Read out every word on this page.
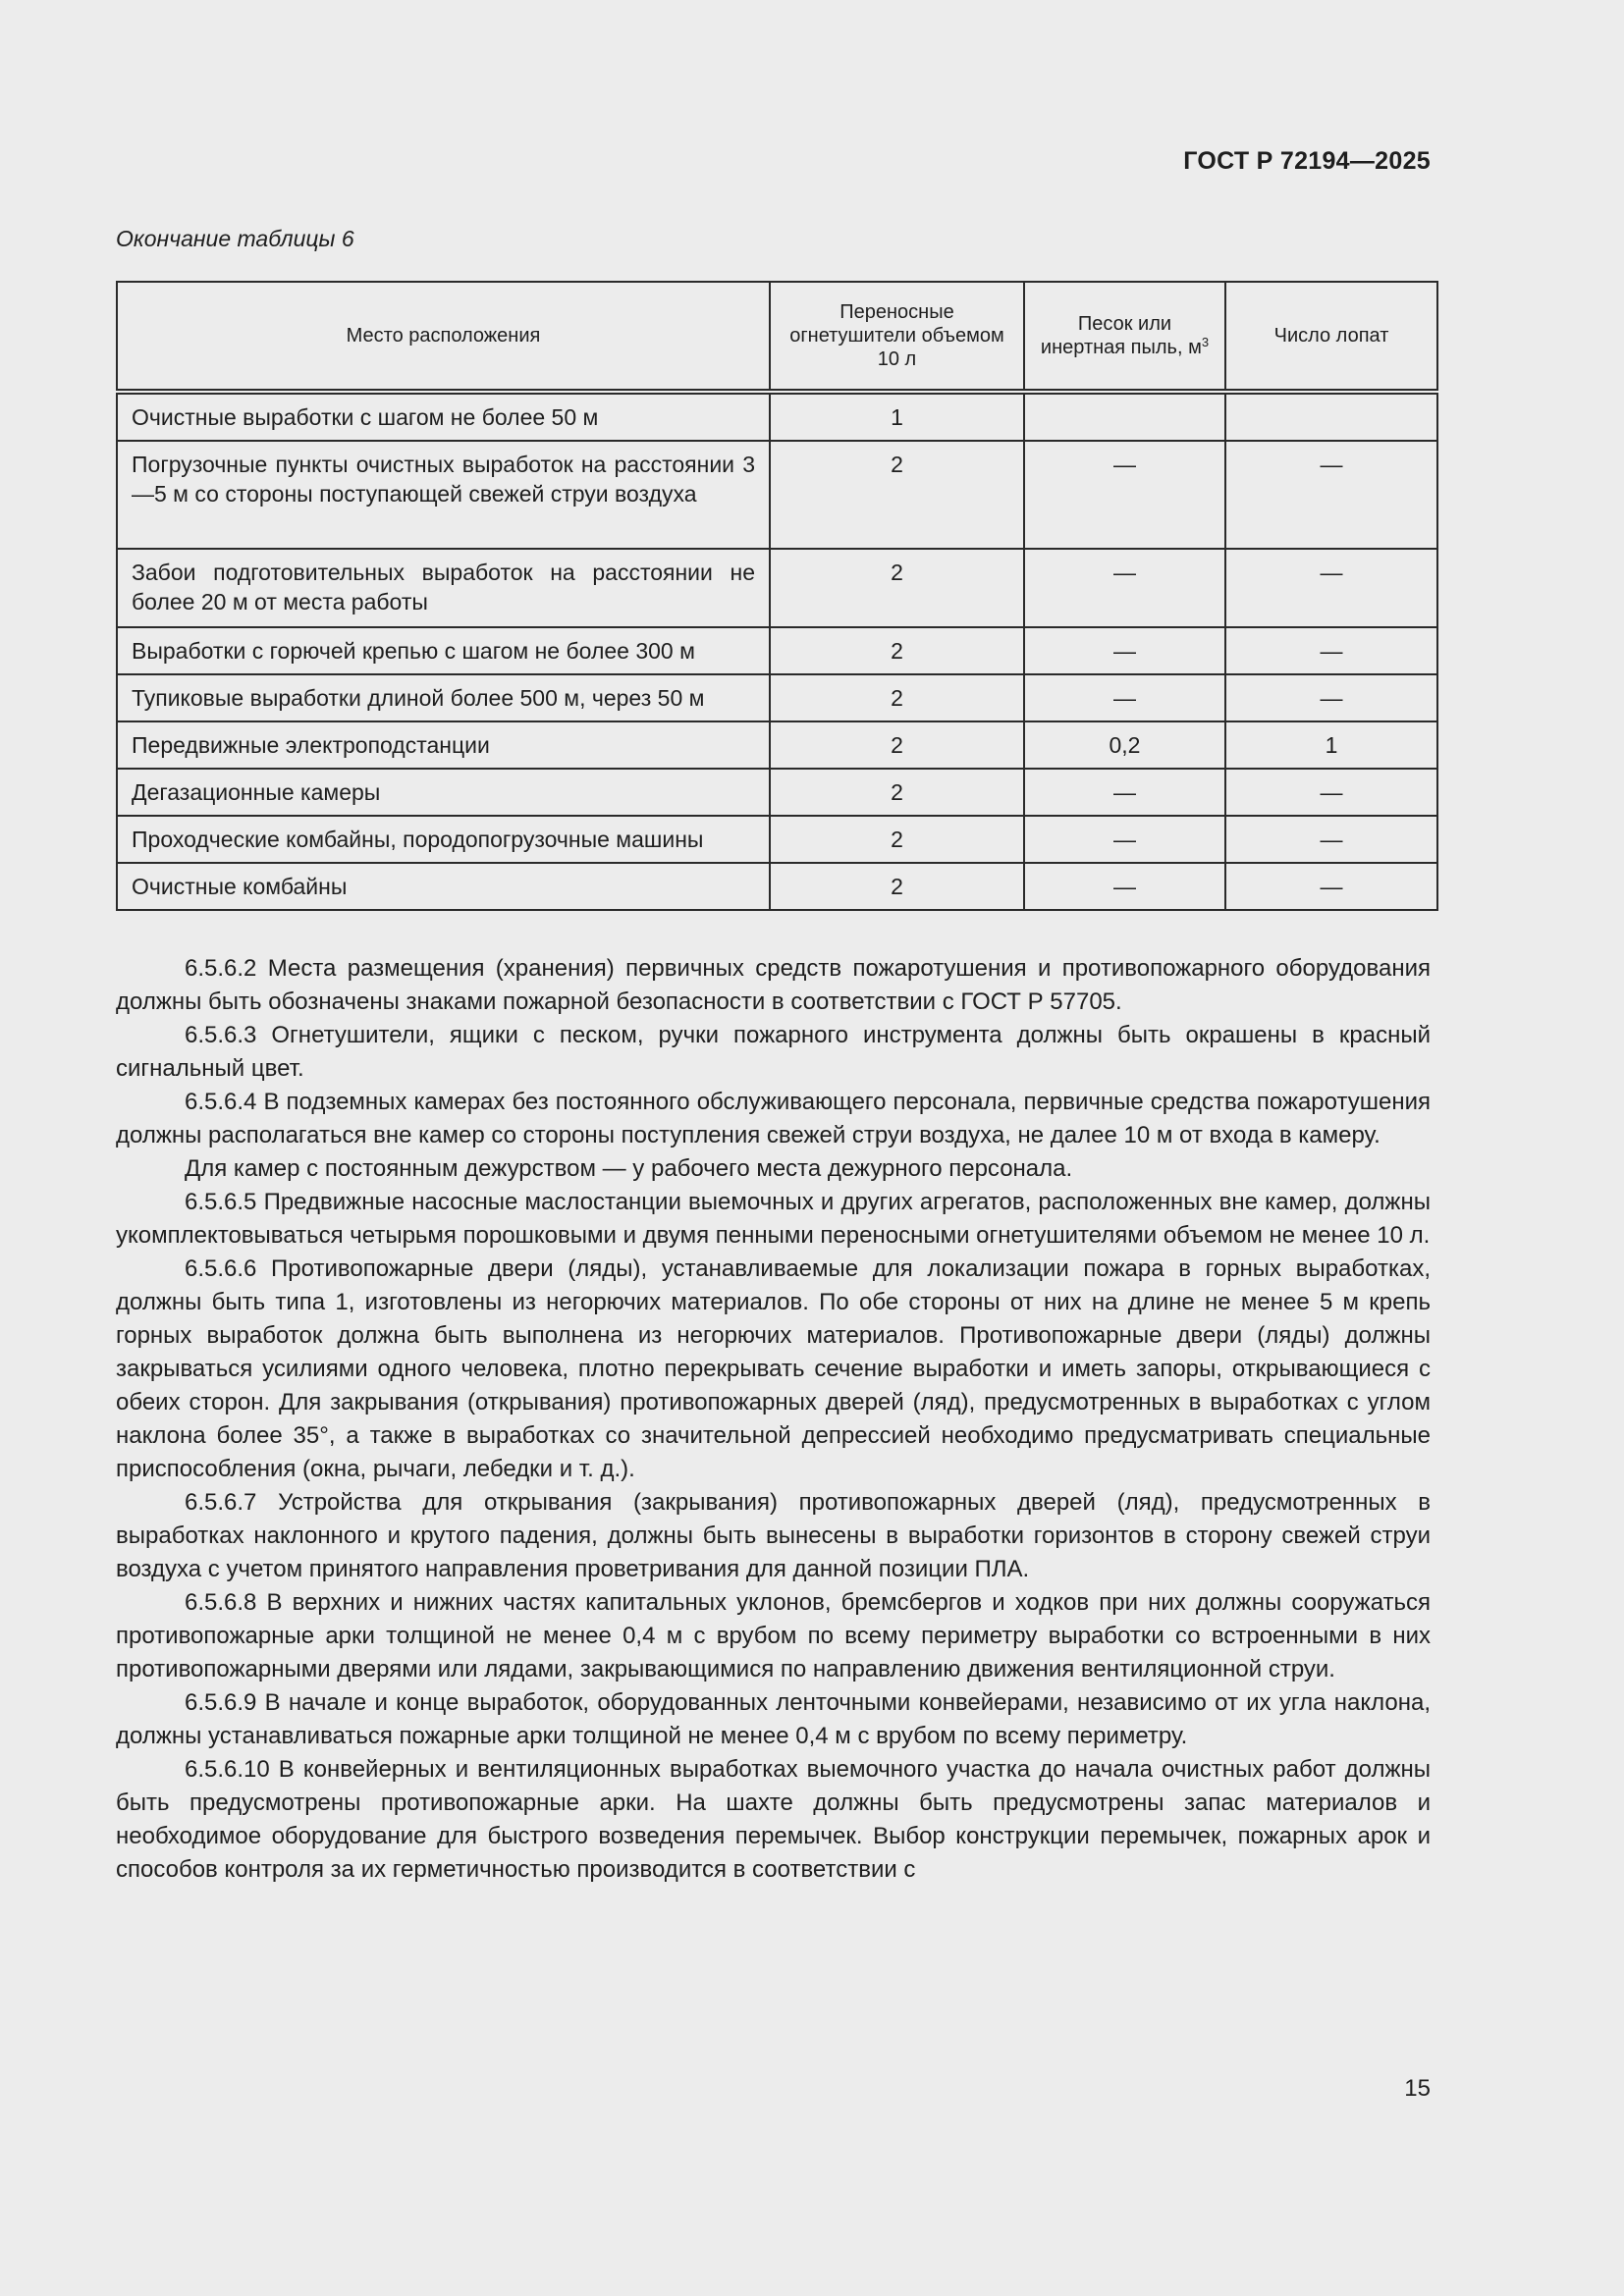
ГОСТ Р 72194—2025
Окончание таблицы 6
Место расположения	Переносные огнетушители объемом 10 л	Песок или инертная пыль, $м^3$	Число лопат
Очистные выработки с шагом не более 50 м	1		
Погрузочные пункты очистных выработок на расстоянии 3—5 м со стороны поступающей свежей струи воздуха	2	—	—
Забои подготовительных выработок на расстоянии не более 20 м от места работы	2	—	—
Выработки с горючей крепью с шагом не более 300 м	2	—	—
Тупиковые выработки длиной более 500 м, через 50 м	2	—	—
Передвижные электроподстанции	2	0,2	1
Дегазационные камеры	2	—	—
Проходческие комбайны, породопогрузочные машины	2	—	—
Очистные комбайны	2	—	—

6.5.6.2 Места размещения (хранения) первичных средств пожаротушения и противопожарного оборудования должны быть обозначены знаками пожарной безопасности в соответствии с ГОСТ Р 57705.

6.5.6.3 Огнетушители, ящики с песком, ручки пожарного инструмента должны быть окрашены в красный сигнальный цвет.

6.5.6.4 В подземных камерах без постоянного обслуживающего персонала, первичные средства пожаротушения должны располагаться вне камер со стороны поступления свежей струи воздуха, не далее 10 м от входа в камеру.

Для камер с постоянным дежурством — у рабочего места дежурного персонала.

6.5.6.5 Предвижные насосные маслостанции выемочных и других агрегатов, расположенных вне камер, должны укомплектовываться четырьмя порошковыми и двумя пенными переносными огнетушителями объемом не менее 10 л.

6.5.6.6 Противопожарные двери (ляды), устанавливаемые для локализации пожара в горных выработках, должны быть типа 1, изготовлены из негорючих материалов. По обе стороны от них на длине не менее 5 м крепь горных выработок должна быть выполнена из негорючих материалов. Противопожарные двери (ляды) должны закрываться усилиями одного человека, плотно перекрывать сечение выработки и иметь запоры, открывающиеся с обеих сторон. Для закрывания (открывания) противопожарных дверей (ляд), предусмотренных в выработках с углом наклона более 35°, а также в выработках со значительной депрессией необходимо предусматривать специальные приспособления (окна, рычаги, лебедки и т. д.).

6.5.6.7 Устройства для открывания (закрывания) противопожарных дверей (ляд), предусмотренных в выработках наклонного и крутого падения, должны быть вынесены в выработки горизонтов в сторону свежей струи воздуха с учетом принятого направления проветривания для данной позиции ПЛА.

6.5.6.8 В верхних и нижних частях капитальных уклонов, бремсбергов и ходков при них должны сооружаться противопожарные арки толщиной не менее 0,4 м с врубом по всему периметру выработки со встроенными в них противопожарными дверями или лядами, закрывающимися по направлению движения вентиляционной струи.

6.5.6.9 В начале и конце выработок, оборудованных ленточными конвейерами, независимо от их угла наклона, должны устанавливаться пожарные арки толщиной не менее 0,4 м с врубом по всему периметру.

6.5.6.10 В конвейерных и вентиляционных выработках выемочного участка до начала очистных работ должны быть предусмотрены противопожарные арки. На шахте должны быть предусмотрены запас материалов и необходимое оборудование для быстрого возведения перемычек. Выбор конструкции перемычек, пожарных арок и способов контроля за их герметичностью производится в соответствии с

15
